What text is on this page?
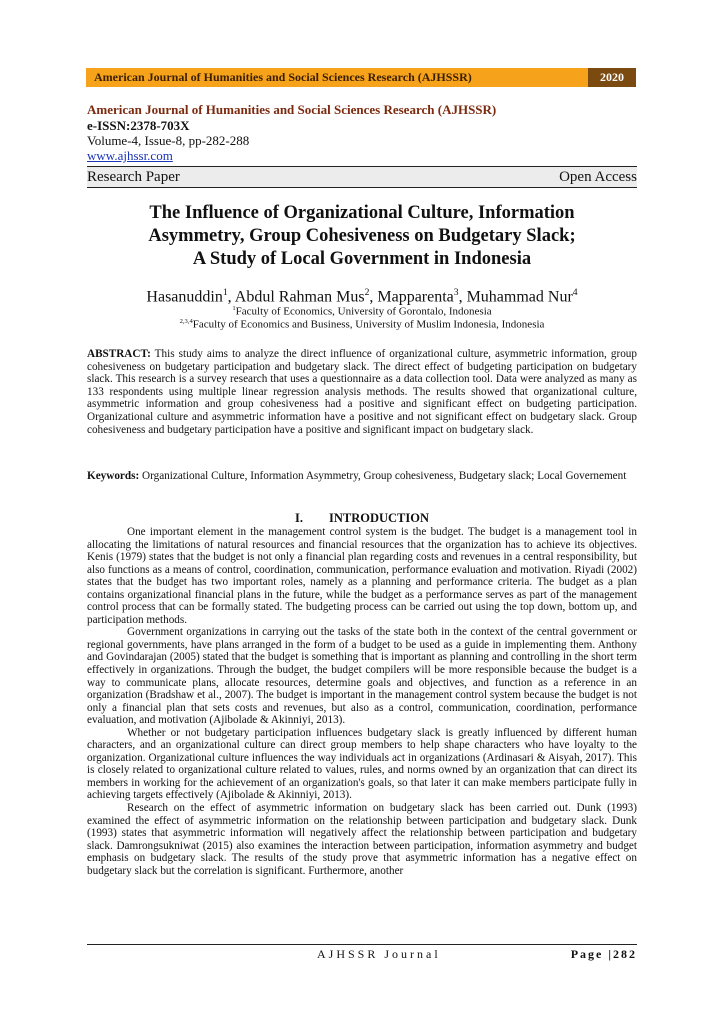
American Journal of Humanities and Social Sciences Research (AJHSSR)	2020
American Journal of Humanities and Social Sciences Research (AJHSSR)
e-ISSN:2378-703X
Volume-4, Issue-8, pp-282-288
www.ajhssr.com
Research Paper	Open Access
The Influence of Organizational Culture, Information
Asymmetry, Group Cohesiveness on Budgetary Slack;
A Study of Local Government in Indonesia
Hasanuddin$^1$, Abdul Rahman Mus$^2$, Mapparenta$^3$, Muhammad Nur$^4$
$^1$Faculty of Economics, University of Gorontalo, Indonesia
$^{2,3,4}$Faculty of Economics and Business, University of Muslim Indonesia, Indonesia
ABSTRACT: This study aims to analyze the direct influence of organizational culture, asymmetric information, group cohesiveness on budgetary participation and budgetary slack. The direct effect of budgeting participation on budgetary slack. This research is a survey research that uses a questionnaire as a data collection tool. Data were analyzed as many as 133 respondents using multiple linear regression analysis methods. The results showed that organizational culture, asymmetric information and group cohesiveness had a positive and significant effect on budgeting participation. Organizational culture and asymmetric information have a positive and not significant effect on budgetary slack. Group cohesiveness and budgetary participation have a positive and significant impact on budgetary slack.
Keywords: Organizational Culture, Information Asymmetry, Group cohesiveness, Budgetary slack; Local Governement
I. INTRODUCTION

One important element in the management control system is the budget. The budget is a management tool in allocating the limitations of natural resources and financial resources that the organization has to achieve its objectives. Kenis (1979) states that the budget is not only a financial plan regarding costs and revenues in a central responsibility, but also functions as a means of control, coordination, communication, performance evaluation and motivation. Riyadi (2002) states that the budget has two important roles, namely as a planning and performance criteria. The budget as a plan contains organizational financial plans in the future, while the budget as a performance serves as part of the management control process that can be formally stated. The budgeting process can be carried out using the top down, bottom up, and participation methods.

Government organizations in carrying out the tasks of the state both in the context of the central government or regional governments, have plans arranged in the form of a budget to be used as a guide in implementing them. Anthony and Govindarajan (2005) stated that the budget is something that is important as planning and controlling in the short term effectively in organizations. Through the budget, the budget compilers will be more responsible because the budget is a way to communicate plans, allocate resources, determine goals and objectives, and function as a reference in an organization (Bradshaw et al., 2007). The budget is important in the management control system because the budget is not only a financial plan that sets costs and revenues, but also as a control, communication, coordination, performance evaluation, and motivation (Ajibolade & Akinniyi, 2013).

Whether or not budgetary participation influences budgetary slack is greatly influenced by different human characters, and an organizational culture can direct group members to help shape characters who have loyalty to the organization. Organizational culture influences the way individuals act in organizations (Ardinasari & Aisyah, 2017). This is closely related to organizational culture related to values, rules, and norms owned by an organization that can direct its members in working for the achievement of an organization's goals, so that later it can make members participate fully in achieving targets effectively (Ajibolade & Akinniyi, 2013).

Research on the effect of asymmetric information on budgetary slack has been carried out. Dunk (1993) examined the effect of asymmetric information on the relationship between participation and budgetary slack. Dunk (1993) states that asymmetric information will negatively affect the relationship between participation and budgetary slack. Damrongsukniwat (2015) also examines the interaction between participation, information asymmetry and budget emphasis on budgetary slack. The results of the study prove that asymmetric information has a negative effect on budgetary slack but the correlation is significant. Furthermore, another

AJHSSR Journal	Page |282
